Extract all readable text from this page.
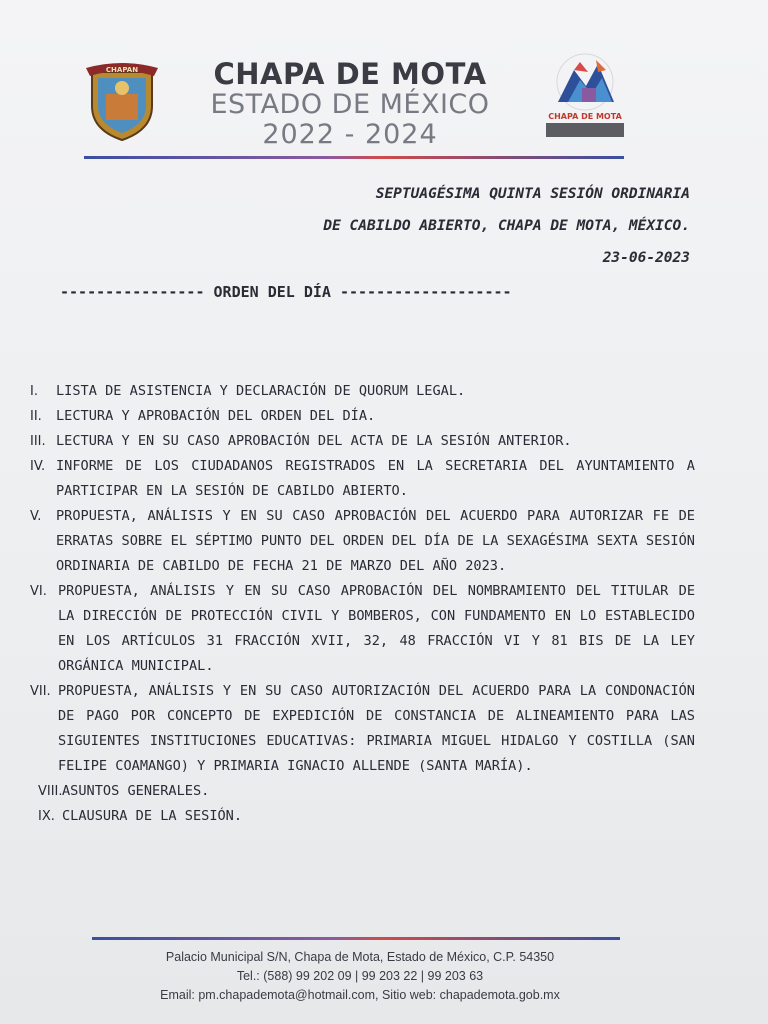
CHAPAN	CHAPA DE MOTA
ESTADO DE MÉXICO
2022 - 2024
CHAPA DE MOTA
SEPTUAGÉSIMA QUINTA SESIÓN ORDINARIA
DE CABILDO ABIERTO, CHAPA DE MOTA, MÉXICO.
23-06-2023
---------------- ORDEN DEL DÍA -------------------
I. LISTA DE ASISTENCIA Y DECLARACIÓN DE QUORUM LEGAL.
II. LECTURA Y APROBACIÓN DEL ORDEN DEL DÍA.
III. LECTURA Y EN SU CASO APROBACIÓN DEL ACTA DE LA SESIÓN ANTERIOR.
IV. INFORME DE LOS CIUDADANOS REGISTRADOS EN LA SECRETARIA DEL AYUNTAMIENTO A PARTICIPAR EN LA SESIÓN DE CABILDO ABIERTO.
V. PROPUESTA, ANÁLISIS Y EN SU CASO APROBACIÓN DEL ACUERDO PARA AUTORIZAR FE DE ERRATAS SOBRE EL SÉPTIMO PUNTO DEL ORDEN DEL DÍA DE LA SEXAGÉSIMA SEXTA SESIÓN ORDINARIA DE CABILDO DE FECHA 21 DE MARZO DEL AÑO 2023.
VI. PROPUESTA, ANÁLISIS Y EN SU CASO APROBACIÓN DEL NOMBRAMIENTO DEL TITULAR DE LA DIRECCIÓN DE PROTECCIÓN CIVIL Y BOMBEROS, CON FUNDAMENTO EN LO ESTABLECIDO EN LOS ARTÍCULOS 31 FRACCIÓN XVII, 32, 48 FRACCIÓN VI Y 81 BIS DE LA LEY ORGÁNICA MUNICIPAL.
VII. PROPUESTA, ANÁLISIS Y EN SU CASO AUTORIZACIÓN DEL ACUERDO PARA LA CONDONACIÓN DE PAGO POR CONCEPTO DE EXPEDICIÓN DE CONSTANCIA DE ALINEAMIENTO PARA LAS SIGUIENTES INSTITUCIONES EDUCATIVAS: PRIMARIA MIGUEL HIDALGO Y COSTILLA (SAN FELIPE COAMANGO) Y PRIMARIA IGNACIO ALLENDE (SANTA MARÍA).
VIII. ASUNTOS GENERALES.
IX. CLAUSURA DE LA SESIÓN.
Palacio Municipal S/N, Chapa de Mota, Estado de México, C.P. 54350
Tel.: (588) 99 202 09 | 99 203 22 | 99 203 63
Email: pm.chapademota@hotmail.com, Sitio web: chapademota.gob.mx
